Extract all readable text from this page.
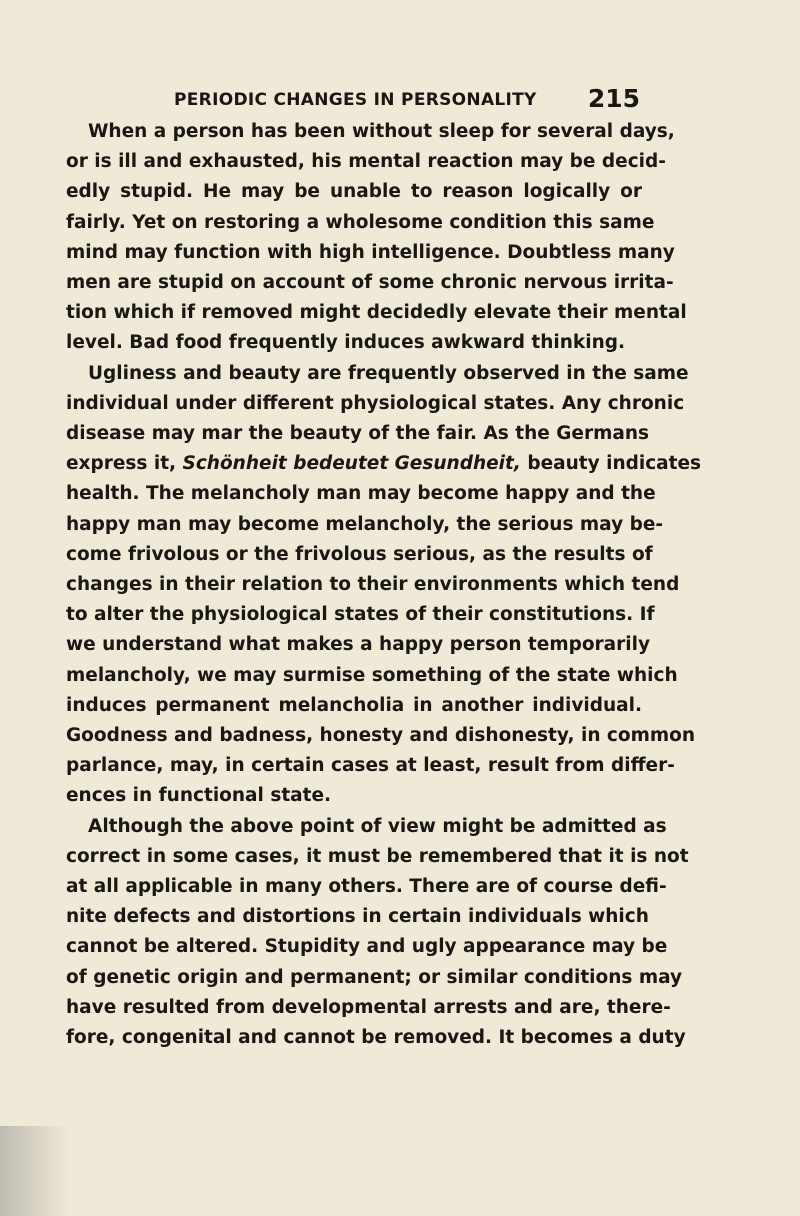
PERIODIC CHANGES IN PERSONALITY 215
When a person has been without sleep for several days,
or is ill and exhausted, his mental reaction may be decid-
edly stupid. He may be unable to reason logically or
fairly. Yet on restoring a wholesome condition this same
mind may function with high intelligence. Doubtless many
men are stupid on account of some chronic nervous irrita-
tion which if removed might decidedly elevate their mental
level. Bad food frequently induces awkward thinking.
Ugliness and beauty are frequently observed in the same
individual under different physiological states. Any chronic
disease may mar the beauty of the fair. As the Germans
express it, Schönheit bedeutet Gesundheit, beauty indicates
health. The melancholy man may become happy and the
happy man may become melancholy, the serious may be-
come frivolous or the frivolous serious, as the results of
changes in their relation to their environments which tend
to alter the physiological states of their constitutions. If
we understand what makes a happy person temporarily
melancholy, we may surmise something of the state which
induces permanent melancholia in another individual.
Goodness and badness, honesty and dishonesty, in common
parlance, may, in certain cases at least, result from differ-
ences in functional state.
Although the above point of view might be admitted as
correct in some cases, it must be remembered that it is not
at all applicable in many others. There are of course defi-
nite defects and distortions in certain individuals which
cannot be altered. Stupidity and ugly appearance may be
of genetic origin and permanent; or similar conditions may
have resulted from developmental arrests and are, there-
fore, congenital and cannot be removed. It becomes a duty
